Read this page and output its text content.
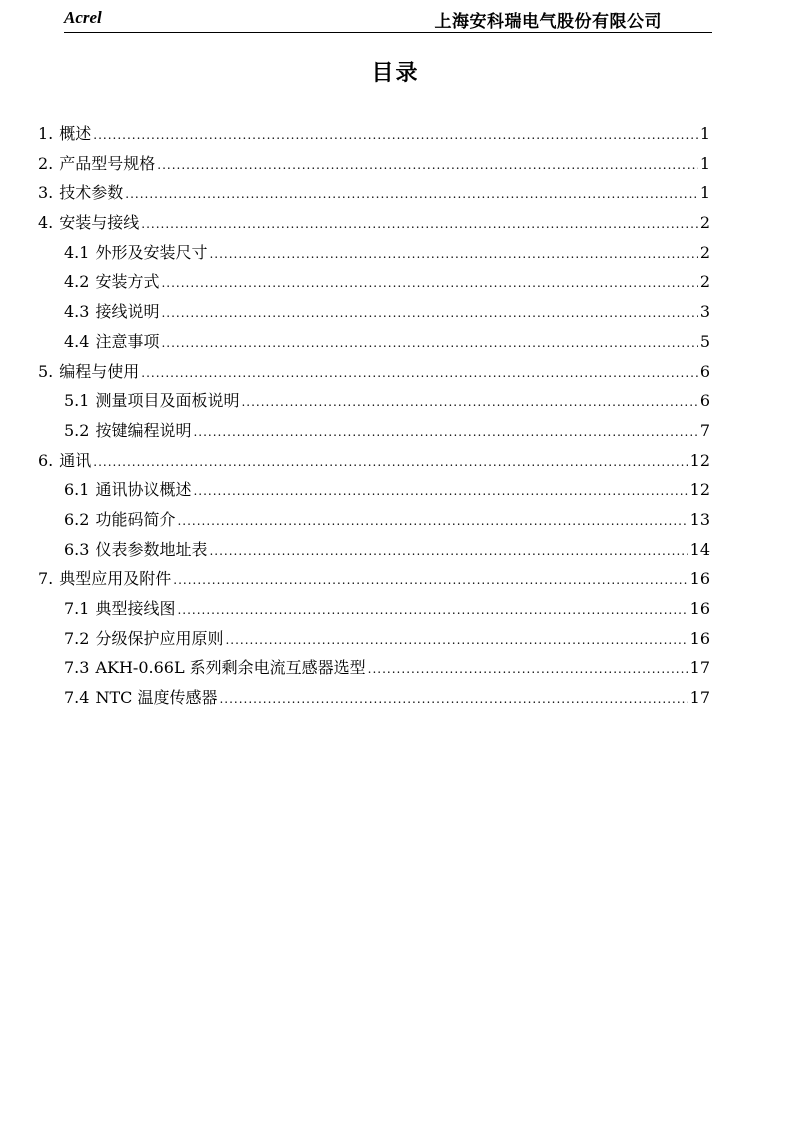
Acrel	上海安科瑞电气股份有限公司
目录
1. 概述 .....	1
2. 产品型号规格 .....	1
3. 技术参数 .....	1
4. 安装与接线 .....	2
4.1 外形及安装尺寸 .....	2
4.2 安装方式 .....	2
4.3 接线说明 .....	3
4.4 注意事项 .....	5
5. 编程与使用 .....	6
5.1 测量项目及面板说明 .....	6
5.2 按键编程说明 .....	7
6. 通讯 .....	12
6.1 通讯协议概述 .....	12
6.2 功能码简介 .....	13
6.3 仪表参数地址表 .....	14
7. 典型应用及附件 .....	16
7.1 典型接线图 .....	16
7.2 分级保护应用原则 .....	16
7.3 AKH-0.66L 系列剩余电流互感器选型 .....	17
7.4 NTC 温度传感器 .....	17
